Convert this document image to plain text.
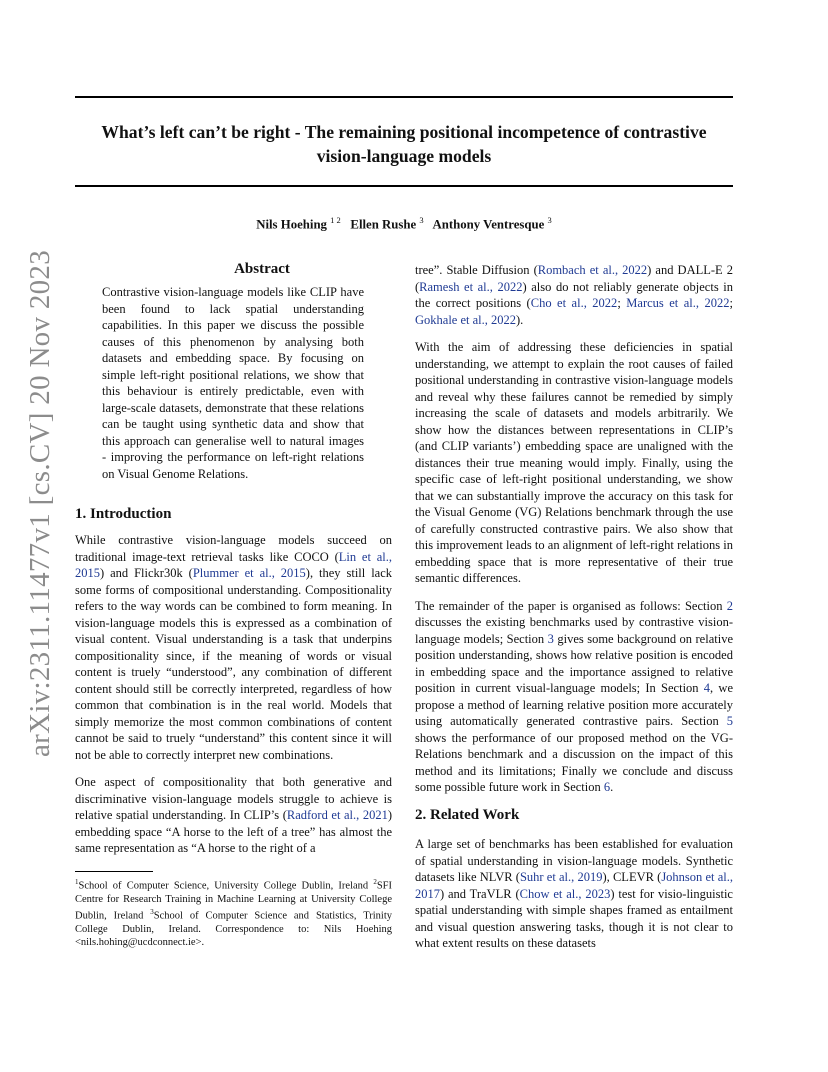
What’s left can’t be right - The remaining positional incompetence of contrastive vision-language models
Nils Hoehing $^{1 2}$ Ellen Rushe $^3$ Anthony Ventresque $^3$
arXiv:2311.11477v1 [cs.CV] 20 Nov 2023	Abstract
Contrastive vision-language models like CLIP have been found to lack spatial understanding capabilities. In this paper we discuss the possible causes of this phenomenon by analysing both datasets and embedding space. By focusing on simple left-right positional relations, we show that this behaviour is entirely predictable, even with large-scale datasets, demonstrate that these relations can be taught using synthetic data and show that this approach can generalise well to natural images - improving the performance on left-right relations on Visual Genome Relations.
1. Introduction

While contrastive vision-language models succeed on traditional image-text retrieval tasks like COCO (Lin et al., 2015) and Flickr30k (Plummer et al., 2015), they still lack some forms of compositional understanding. Compositionality refers to the way words can be combined to form meaning. In vision-language models this is expressed as a combination of visual content. Visual understanding is a task that underpins compositionality since, if the meaning of words or visual content is truely “understood”, any combination of different content should still be correctly interpreted, regardless of how common that combination is in the real world. Models that simply memorize the most common combinations of content cannot be said to truely “understand” this content since it will not be able to correctly interpret new combinations.

One aspect of compositionality that both generative and discriminative vision-language models struggle to achieve is relative spatial understanding. In CLIP’s (Radford et al., 2021) embedding space “A horse to the left of a tree” has almost the same representation as “A horse to the right of a

$^1$School of Computer Science, University College Dublin, Ireland $^2$SFI Centre for Research Training in Machine Learning at University College Dublin, Ireland $^3$School of Computer Science and Statistics, Trinity College Dublin, Ireland. Correspondence to: Nils Hoehing <nils.hohing@ucdconnect.ie>.

tree”. Stable Diffusion (Rombach et al., 2022) and DALL-E 2 (Ramesh et al., 2022) also do not reliably generate objects in the correct positions (Cho et al., 2022; Marcus et al., 2022; Gokhale et al., 2022).

With the aim of addressing these deficiencies in spatial understanding, we attempt to explain the root causes of failed positional understanding in contrastive vision-language models and reveal why these failures cannot be remedied by simply increasing the scale of datasets and models arbitrarily. We show how the distances between representations in CLIP’s (and CLIP variants’) embedding space are unaligned with the distances their true meaning would imply. Finally, using the specific case of left-right positional understanding, we show that we can substantially improve the accuracy on this task for the Visual Genome (VG) Relations benchmark through the use of carefully constructed contrastive pairs. We also show that this improvement leads to an alignment of left-right relations in embedding space that is more representative of their true semantic differences.

The remainder of the paper is organised as follows: Section 2 discusses the existing benchmarks used by contrastive vision-language models; Section 3 gives some background on relative position understanding, shows how relative position is encoded in embedding space and the importance assigned to relative position in current visual-language models; In Section 4, we propose a method of learning relative position more accurately using automatically generated contrastive pairs. Section 5 shows the performance of our proposed method on the VG-Relations benchmark and a discussion on the impact of this method and its limitations; Finally we conclude and discuss some possible future work in Section 6.

2. Related Work

A large set of benchmarks has been established for evaluation of spatial understanding in vision-language models. Synthetic datasets like NLVR (Suhr et al., 2019), CLEVR (Johnson et al., 2017) and TraVLR (Chow et al., 2023) test for visio-linguistic spatial understanding with simple shapes framed as entailment and visual question answering tasks, though it is not clear to what extent results on these datasets
